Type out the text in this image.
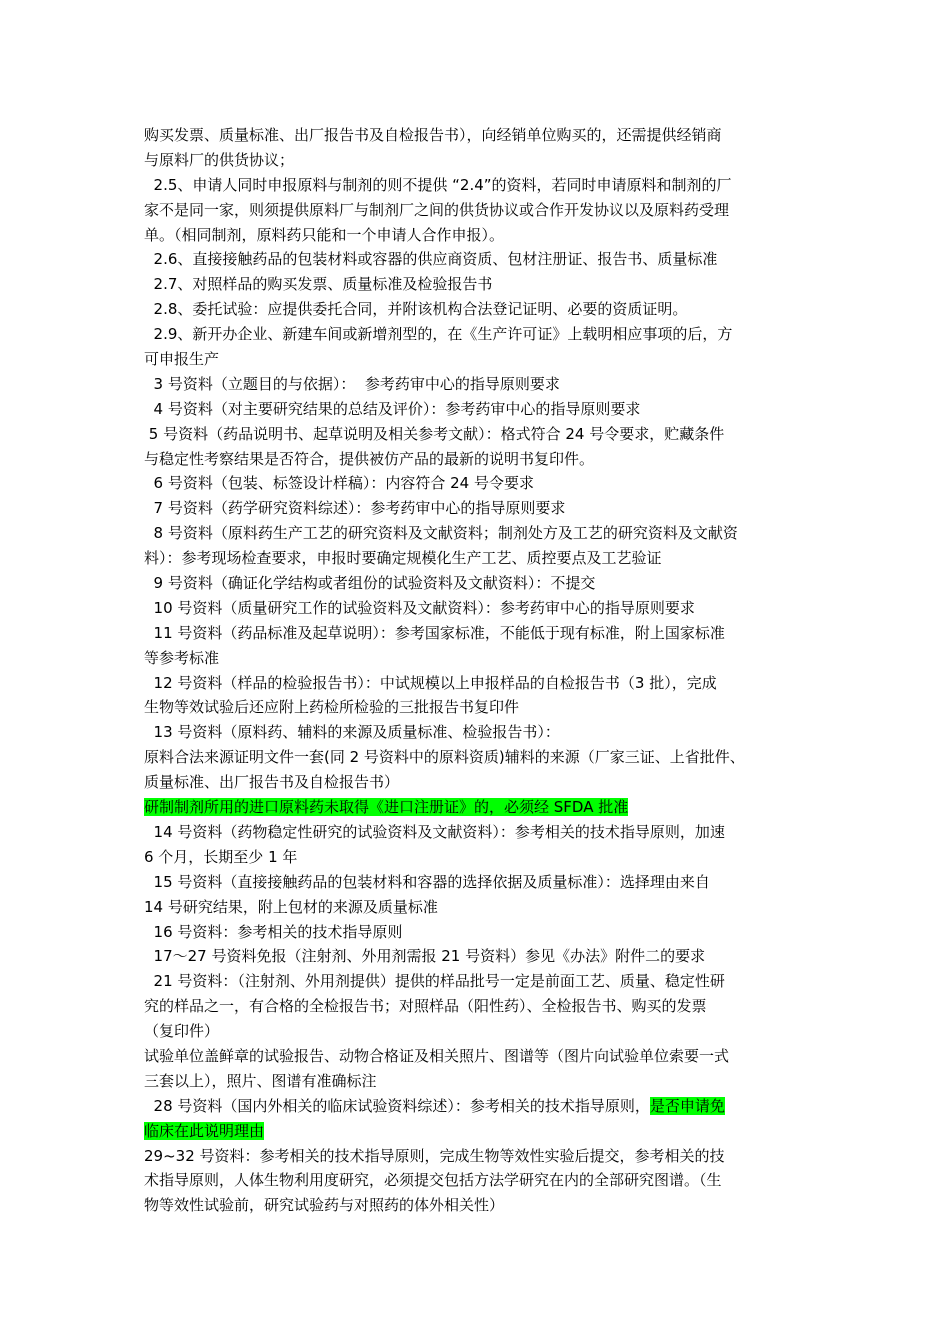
购买发票、质量标准、出厂报告书及自检报告书），向经销单位购买的，还需提供经销商
与原料厂的供货协议；
2.5、申请人同时申报原料与制剂的则不提供 “2.4”的资料，若同时申请原料和制剂的厂
家不是同一家，则须提供原料厂与制剂厂之间的供货协议或合作开发协议以及原料药受理
单。（相同制剂，原料药只能和一个申请人合作申报）。
2.6、直接接触药品的包装材料或容器的供应商资质、包材注册证、报告书、质量标准
2.7、对照样品的购买发票、质量标准及检验报告书
2.8、委托试验：应提供委托合同，并附该机构合法登记证明、必要的资质证明。
2.9、新开办企业、新建车间或新增剂型的，在《生产许可证》上载明相应事项的后，方
可申报生产
3 号资料（立题目的与依据）：  参考药审中心的指导原则要求
4 号资料（对主要研究结果的总结及评价）：参考药审中心的指导原则要求
5 号资料（药品说明书、起草说明及相关参考文献）：格式符合 24 号令要求，贮藏条件
与稳定性考察结果是否符合，提供被仿产品的最新的说明书复印件。
6 号资料（包装、标签设计样稿）：内容符合 24 号令要求
7 号资料（药学研究资料综述）：参考药审中心的指导原则要求
8 号资料（原料药生产工艺的研究资料及文献资料；制剂处方及工艺的研究资料及文献资
料）：参考现场检查要求，申报时要确定规模化生产工艺、质控要点及工艺验证
9 号资料（确证化学结构或者组份的试验资料及文献资料）：不提交
10 号资料（质量研究工作的试验资料及文献资料）：参考药审中心的指导原则要求
11 号资料（药品标准及起草说明）：参考国家标准，不能低于现有标准，附上国家标准
等参考标准
12 号资料（样品的检验报告书）：中试规模以上申报样品的自检报告书（3 批），完成
生物等效试验后还应附上药检所检验的三批报告书复印件
13 号资料（原料药、辅料的来源及质量标准、检验报告书）：
原料合法来源证明文件一套(同 2 号资料中的原料资质)辅料的来源（厂家三证、上省批件、
质量标准、出厂报告书及自检报告书）
研制制剂所用的进口原料药未取得《进口注册证》的，必须经 SFDA 批准
14 号资料（药物稳定性研究的试验资料及文献资料）：参考相关的技术指导原则，加速
6 个月，长期至少 1 年
15 号资料（直接接触药品的包装材料和容器的选择依据及质量标准）：选择理由来自
14 号研究结果，附上包材的来源及质量标准
16 号资料：参考相关的技术指导原则
17～27 号资料免报（注射剂、外用剂需报 21 号资料）参见《办法》附件二的要求
21 号资料：（注射剂、外用剂提供）提供的样品批号一定是前面工艺、质量、稳定性研
究的样品之一，有合格的全检报告书；对照样品（阳性药）、全检报告书、购买的发票
（复印件）
试验单位盖鲜章的试验报告、动物合格证及相关照片、图谱等（图片向试验单位索要一式
三套以上），照片、图谱有准确标注
28 号资料（国内外相关的临床试验资料综述）：参考相关的技术指导原则，是否申请免
临床在此说明理由
29~32 号资料：参考相关的技术指导原则，完成生物等效性实验后提交，参考相关的技
术指导原则，人体生物利用度研究，必须提交包括方法学研究在内的全部研究图谱。（生
物等效性试验前，研究试验药与对照药的体外相关性）
